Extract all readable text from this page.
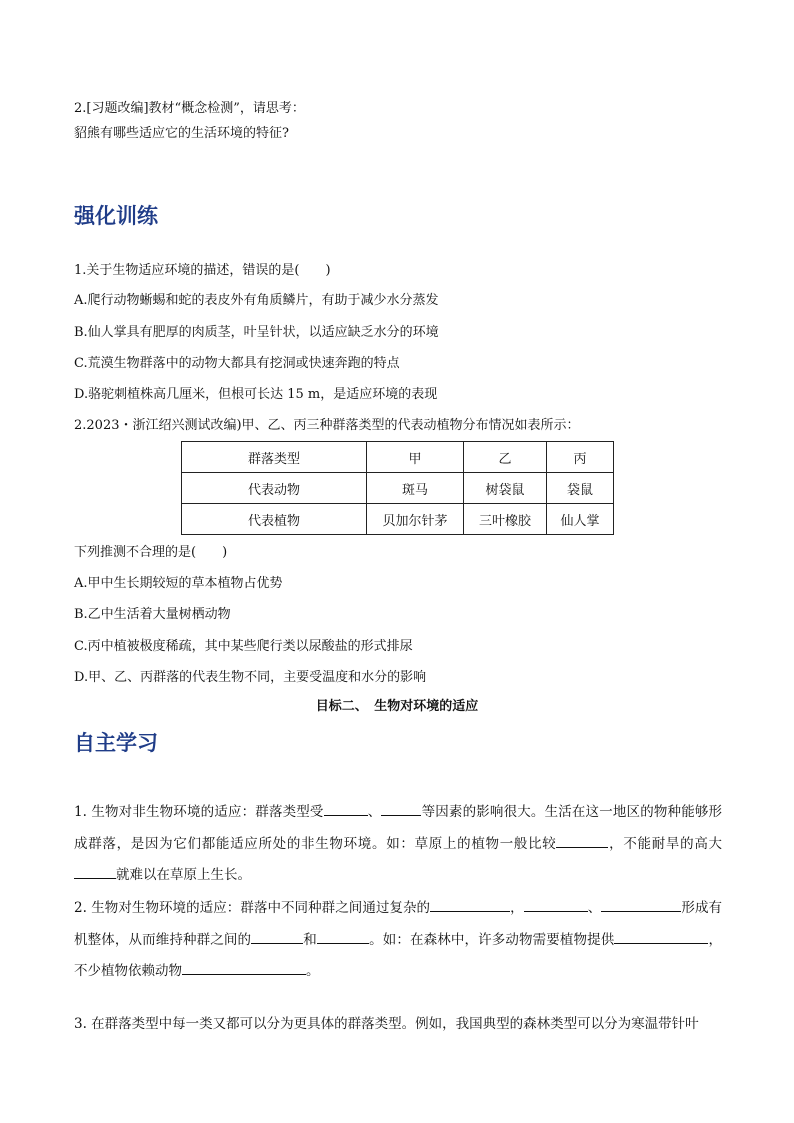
2.[习题改编]教材“概念检测”，请思考：
貂熊有哪些适应它的生活环境的特征?
强化训练
1.关于生物适应环境的描述，错误的是(　　)
A.爬行动物蜥蜴和蛇的表皮外有角质鳞片，有助于减少水分蒸发
B.仙人掌具有肥厚的肉质茎，叶呈针状，以适应缺乏水分的环境
C.荒漠生物群落中的动物大都具有挖洞或快速奔跑的特点
D.骆驼刺植株高几厘米，但根可长达 15 m，是适应环境的表现
2.2023・浙江绍兴测试改编)甲、乙、丙三种群落类型的代表动植物分布情况如表所示：
群落类型	甲	乙	丙
代表动物	斑马	树袋鼠	袋鼠
代表植物	贝加尔针茅	三叶橡胶	仙人掌
下列推测不合理的是(　　)
A.甲中生长期较短的草本植物占优势
B.乙中生活着大量树栖动物
C.丙中植被极度稀疏，其中某些爬行类以尿酸盐的形式排尿
D.甲、乙、丙群落的代表生物不同，主要受温度和水分的影响
目标二、　生物对环境的适应
自主学习
1. 生物对非生物环境的适应：群落类型受	、	等因素的影响很大。生活在这一地区的物种能够形成群落，是因为它们都能适应所处的非生物环境。如：草原上的植物一般比较	，不能耐旱的高大就难以在草原上生长。
2. 生物对生物环境的适应：群落中不同种群之间通过复杂的	，	、	形成有机整体，从而维持种群之间的	和	。如：在森林中，许多动物需要植物提供	，不少植物依赖动物	。
3. 在群落类型中每一类又都可以分为更具体的群落类型。例如，我国典型的森林类型可以分为寒温带针叶
